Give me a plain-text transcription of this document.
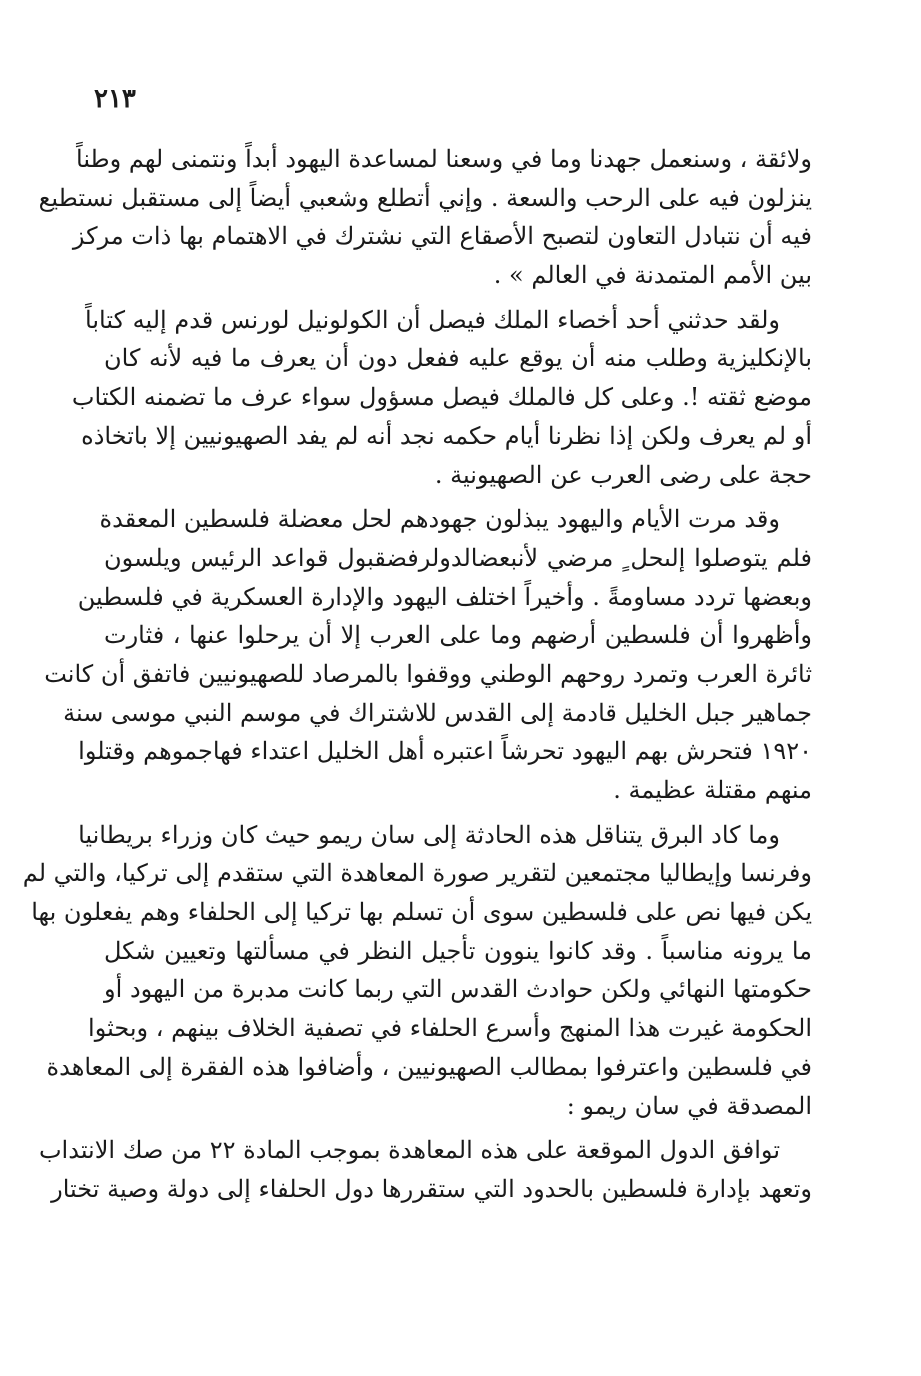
٢١٣
ولائقة ، وسنعمل جهدنا وما في وسعنا لمساعدة اليهود أبداً ونتمنى لهم وطناً
ينزلون فيه على الرحب والسعة . وإني أتطلع وشعبي أيضاً إلى مستقبل نستطيع
فيه أن نتبادل التعاون لتصبح الأصقاع التي نشترك في الاهتمام بها ذات مركز
بين الأمم المتمدنة في العالم » .
ولقد حدثني أحد أخصاء الملك فيصل أن الكولونيل لورنس قدم إليه كتاباً
بالإنكليزية وطلب منه أن يوقع عليه ففعل دون أن يعرف ما فيه لأنه كان
موضع ثقته !. وعلى كل فالملك فيصل مسؤول سواء عرف ما تضمنه الكتاب
أو لم يعرف ولكن إذا نظرنا أيام حكمه نجد أنه لم يفد الصهيونيين إلا باتخاذه
حجة على رضى العرب عن الصهيونية .
وقد مرت الأيام واليهود يبذلون جهودهم لحل معضلة فلسطين المعقدة
فلم يتوصلوا إلىحل ٍ مرضي لأنبعضالدولرفضقبول قواعد الرئيس ويلسون
وبعضها تردد مساومةً . وأخيراً اختلف اليهود والإدارة العسكرية في فلسطين
وأظهروا أن فلسطين أرضهم وما على العرب إلا أن يرحلوا عنها ، فثارت
ثائرة العرب وتمرد روحهم الوطني ووقفوا بالمرصاد للصهيونيين فاتفق أن كانت
جماهير جبل الخليل قادمة إلى القدس للاشتراك في موسم النبي موسى سنة
١٩٢٠ فتحرش بهم اليهود تحرشاً اعتبره أهل الخليل اعتداء فهاجموهم وقتلوا
منهم مقتلة عظيمة .
وما كاد البرق يتناقل هذه الحادثة إلى سان ريمو حيث كان وزراء بريطانيا
وفرنسا وإيطاليا مجتمعين لتقرير صورة المعاهدة التي ستقدم إلى تركيا، والتي لم
يكن فيها نص على فلسطين سوى أن تسلم بها تركيا إلى الحلفاء وهم يفعلون بها
ما يرونه مناسباً . وقد كانوا ينوون تأجيل النظر في مسألتها وتعيين شكل
حكومتها النهائي ولكن حوادث القدس التي ربما كانت مدبرة من اليهود أو
الحكومة غيرت هذا المنهج وأسرع الحلفاء في تصفية الخلاف بينهم ، وبحثوا
في فلسطين واعترفوا بمطالب الصهيونيين ، وأضافوا هذه الفقرة إلى المعاهدة
المصدقة في سان ريمو :
توافق الدول الموقعة على هذه المعاهدة بموجب المادة ٢٢ من صك الانتداب
وتعهد بإدارة فلسطين بالحدود التي ستقررها دول الحلفاء إلى دولة وصية تختار
